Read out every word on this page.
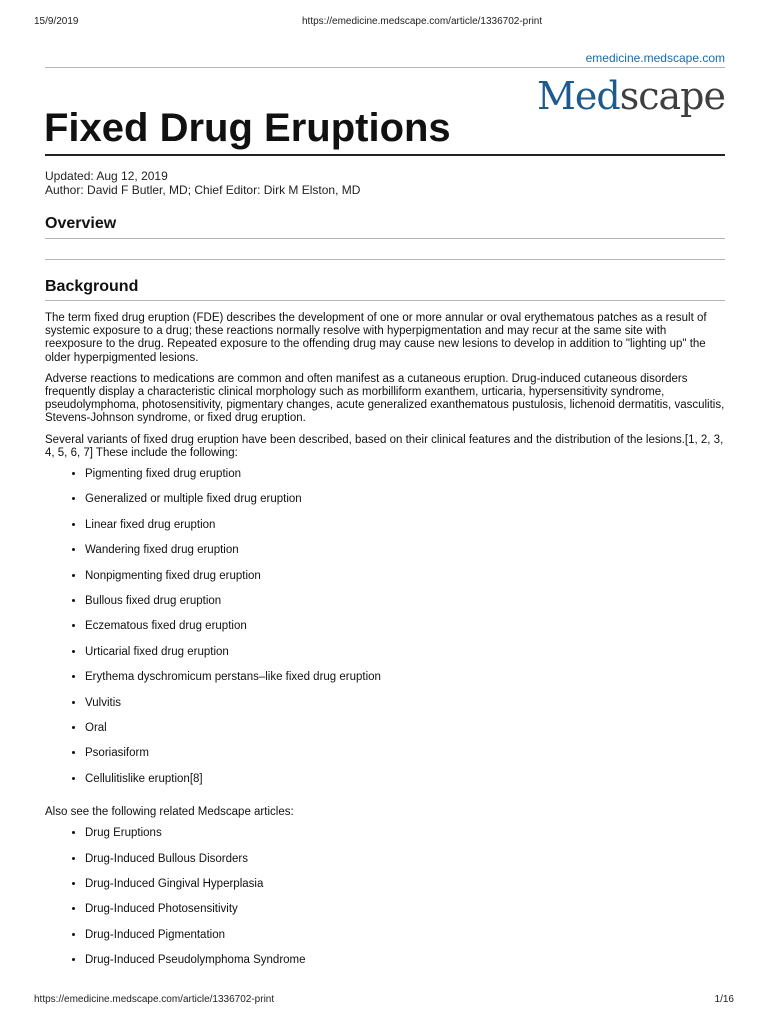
15/9/2019	https://emedicine.medscape.com/article/1336702-print
emedicine.medscape.com
Medscape
Fixed Drug Eruptions
Updated: Aug 12, 2019
Author: David F Butler, MD; Chief Editor: Dirk M Elston, MD
Overview
Background

The term fixed drug eruption (FDE) describes the development of one or more annular or oval erythematous patches as a result of systemic exposure to a drug; these reactions normally resolve with hyperpigmentation and may recur at the same site with reexposure to the drug. Repeated exposure to the offending drug may cause new lesions to develop in addition to "lighting up" the older hyperpigmented lesions.

Adverse reactions to medications are common and often manifest as a cutaneous eruption. Drug-induced cutaneous disorders frequently display a characteristic clinical morphology such as morbilliform exanthem, urticaria, hypersensitivity syndrome, pseudolymphoma, photosensitivity, pigmentary changes, acute generalized exanthematous pustulosis, lichenoid dermatitis, vasculitis, Stevens-Johnson syndrome, or fixed drug eruption.

Several variants of fixed drug eruption have been described, based on their clinical features and the distribution of the lesions.[1, 2, 3, 4, 5, 6, 7] These include the following:

• Pigmenting fixed drug eruption
• Generalized or multiple fixed drug eruption
• Linear fixed drug eruption
• Wandering fixed drug eruption
• Nonpigmenting fixed drug eruption
• Bullous fixed drug eruption
• Eczematous fixed drug eruption
• Urticarial fixed drug eruption
• Erythema dyschromicum perstans–like fixed drug eruption
• Vulvitis
• Oral
• Psoriasiform
• Cellulitislike eruption[8]

Also see the following related Medscape articles:

• Drug Eruptions
• Drug-Induced Bullous Disorders
• Drug-Induced Gingival Hyperplasia
• Drug-Induced Photosensitivity
• Drug-Induced Pigmentation
• Drug-Induced Pseudolymphoma Syndrome
https://emedicine.medscape.com/article/1336702-print	1/16
